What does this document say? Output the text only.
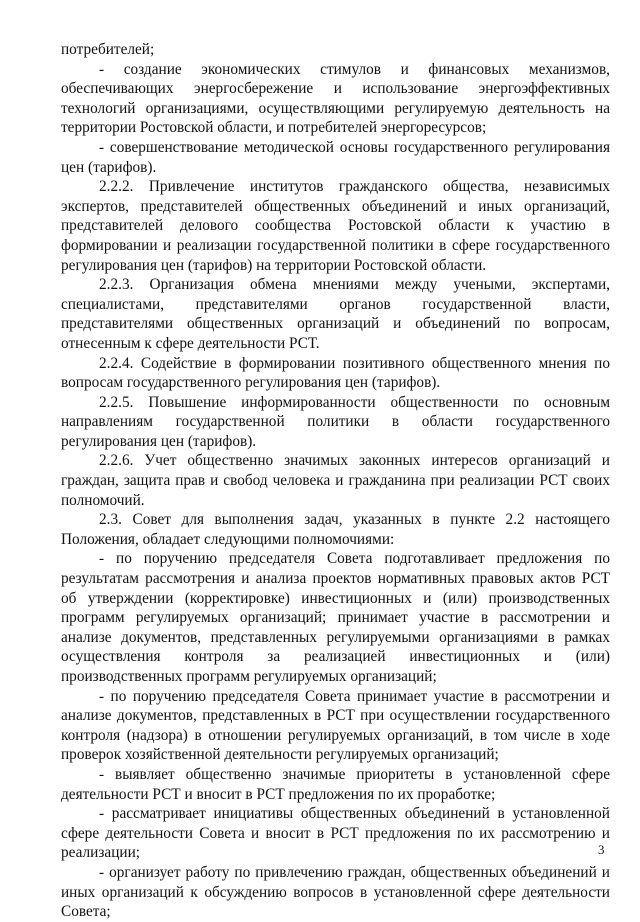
потребителей;

- создание экономических стимулов и финансовых механизмов, обеспечивающих энергосбережение и использование энергоэффективных технологий организациями, осуществляющими регулируемую деятельность на территории Ростовской области, и потребителей энергоресурсов;

- совершенствование методической основы государственного регулирования цен (тарифов).

2.2.2. Привлечение институтов гражданского общества, независимых экспертов, представителей общественных объединений и иных организаций, представителей делового сообщества Ростовской области к участию в формировании и реализации государственной политики в сфере государственного регулирования цен (тарифов) на территории Ростовской области.

2.2.3. Организация обмена мнениями между учеными, экспертами, специалистами, представителями органов государственной власти, представителями общественных организаций и объединений по вопросам, отнесенным к сфере деятельности РСТ.

2.2.4. Содействие в формировании позитивного общественного мнения по вопросам государственного регулирования цен (тарифов).

2.2.5. Повышение информированности общественности по основным направлениям государственной политики в области государственного регулирования цен (тарифов).

2.2.6. Учет общественно значимых законных интересов организаций и граждан, защита прав и свобод человека и гражданина при реализации РСТ своих полномочий.

2.3. Совет для выполнения задач, указанных в пункте 2.2 настоящего Положения, обладает следующими полномочиями:

- по поручению председателя Совета подготавливает предложения по результатам рассмотрения и анализа проектов нормативных правовых актов РСТ об утверждении (корректировке) инвестиционных и (или) производственных программ регулируемых организаций; принимает участие в рассмотрении и анализе документов, представленных регулируемыми организациями в рамках осуществления контроля за реализацией инвестиционных и (или) производственных программ регулируемых организаций;

- по поручению председателя Совета принимает участие в рассмотрении и анализе документов, представленных в РСТ при осуществлении государственного контроля (надзора) в отношении регулируемых организаций, в том числе в ходе проверок хозяйственной деятельности регулируемых организаций;

- выявляет общественно значимые приоритеты в установленной сфере деятельности РСТ и вносит в РСТ предложения по их проработке;

- рассматривает инициативы общественных объединений в установленной сфере деятельности Совета и вносит в РСТ предложения по их рассмотрению и реализации;

- организует работу по привлечению граждан, общественных объединений и иных организаций к обсуждению вопросов в установленной сфере деятельности Совета;

3
